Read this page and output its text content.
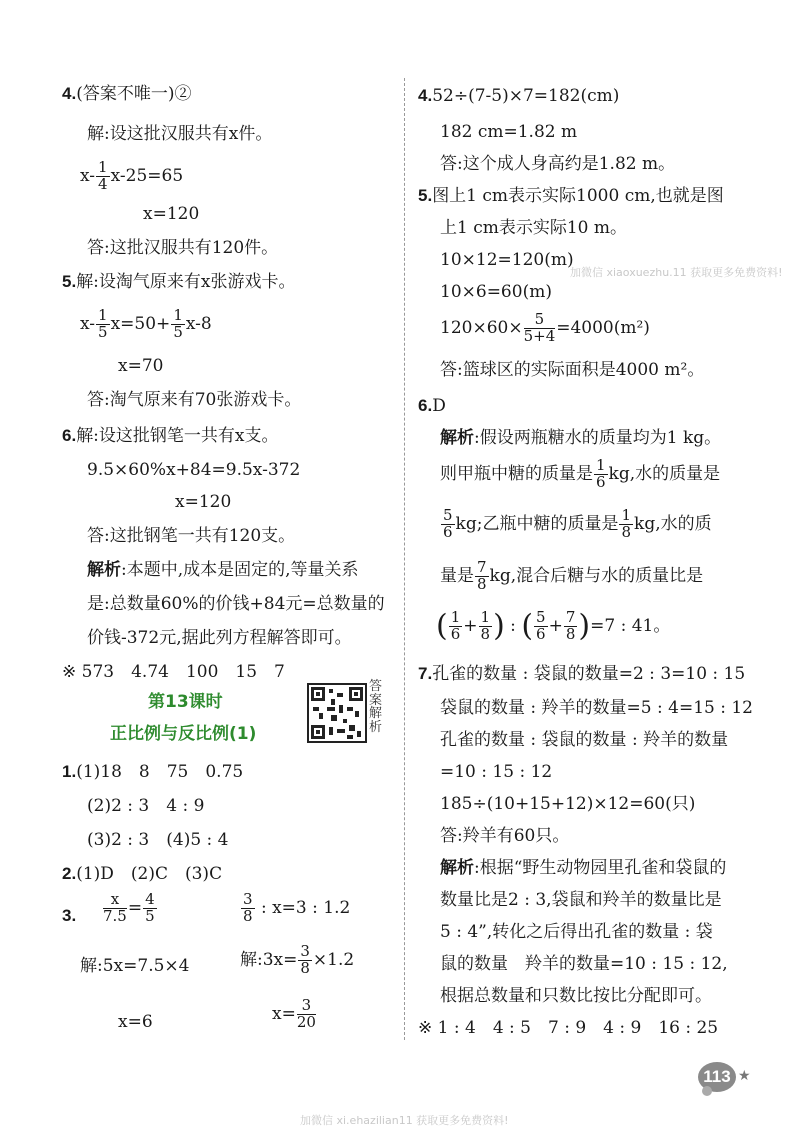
4.(答案不唯一)②
解:设这批汉服共有x件。
$x- \frac{1}{4} x-25=65$
x=120
答:这批汉服共有120件。
5.解:设淘气原来有x张游戏卡。
$x- \frac{1}{5} x=50+ \frac{1}{5} x-8$
x=70
答:淘气原来有70张游戏卡。
6.解:设这批钢笔一共有x支。
9.5×60%x+84=9.5x-372
x=120
答:这批钢笔一共有120支。
解析:本题中,成本是固定的,等量关系
是:总数量60%的价钱+84元=总数量的
价钱-372元,据此列方程解答即可。
※ 573　4.74　100　15　7
第13课时
正比例与反比例(1)
答案解析
1.(1)18　8　75　0.75
(2)2 : 3　4 : 9
(3)2 : 3　(4)5 : 4
2.(1)D　(2)C　(3)C
3. $\frac{x}{7.5} = \frac{4}{5}$	$\frac{3}{8}$ : x=3 : 1.2
解:5x=7.5×4	解:3x= $\frac{3}{8} \times 1.2$
x=6	$x= \frac{3}{20}$
4.52÷(7-5)×7=182(cm)
182 cm=1.82 m
答:这个成人身高约是1.82 m。
5.图上1 cm表示实际1000 cm,也就是图
上1 cm表示实际10 m。
10×12=120(m)
10×6=60(m)
$120\times 60\times \frac{5}{5+4} =4000(m^2)$
答:篮球区的实际面积是4000 m²。
6.D
解析:假设两瓶糖水的质量均为1 kg。
则甲瓶中糖的质量是 $\frac{1}{6}$ kg,水的质量是
$\frac{5}{6}$ kg;乙瓶中糖的质量是 $\frac{1}{8}$ kg,水的质
量是 $\frac{7}{8}$ kg,混合后糖与水的质量比是
( $\frac{1}{6} + \frac{1}{8}$ ) : ( $\frac{5}{6} + \frac{7}{8} )=7$ : 41。
7.孔雀的数量 : 袋鼠的数量=2 : 3=10 : 15
袋鼠的数量 : 羚羊的数量=5 : 4=15 : 12
孔雀的数量 : 袋鼠的数量 : 羚羊的数量
=10 : 15 : 12
185÷(10+15+12)×12=60(只)
答:羚羊有60只。
解析:根据“野生动物园里孔雀和袋鼠的
数量比是2 : 3,袋鼠和羚羊的数量比是
5 : 4”,转化之后得出孔雀的数量 : 袋
鼠的数量　羚羊的数量=10 : 15 : 12,
根据总数量和只数比按比分配即可。
※ 1 : 4　4 : 5　7 : 9　4 : 9　16 : 25
加微信 xiaoxuezhu.11 获取更多免费资料!
加微信 xi.ehazilian11 获取更多免费资料!
113 ★
